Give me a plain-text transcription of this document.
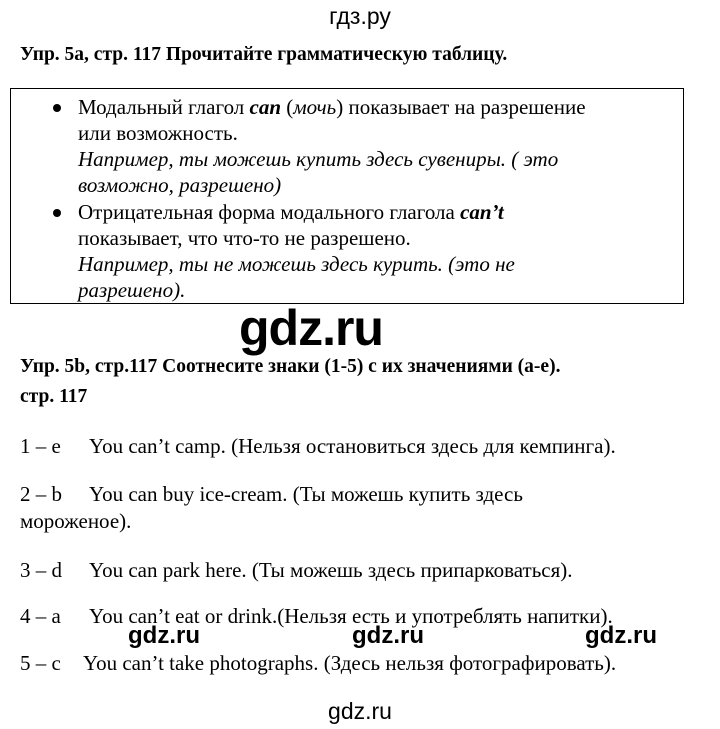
гдз.ру
Упр. 5а, стр. 117 Прочитайте грамматическую таблицу.
Модальный глагол can (мочь) показывает на разрешение
или возможность.
Например, ты можешь купить здесь сувениры. ( это
возможно, разрешено)
Отрицательная форма модального глагола can’t
показывает, что что-то не разрешено.
Например, ты не можешь здесь курить. (это не
разрешено).
gdz.ru
Упр. 5b, стр.117 Соотнесите знаки (1-5) с их значениями (a-e).
стр. 117
1 – e You can’t camp. (Нельзя остановиться здесь для кемпинга).
2 – b You can buy ice-cream. (Ты можешь купить здесь
мороженое).
3 – d You can park here. (Ты можешь здесь припарковаться).
4 – a You can’t eat or drink.(Нельзя есть и употреблять напитки).
gdz.ru	gdz.ru	gdz.ru
5 – c You can’t take photographs. (Здесь нельзя фотографировать).
gdz.ru
